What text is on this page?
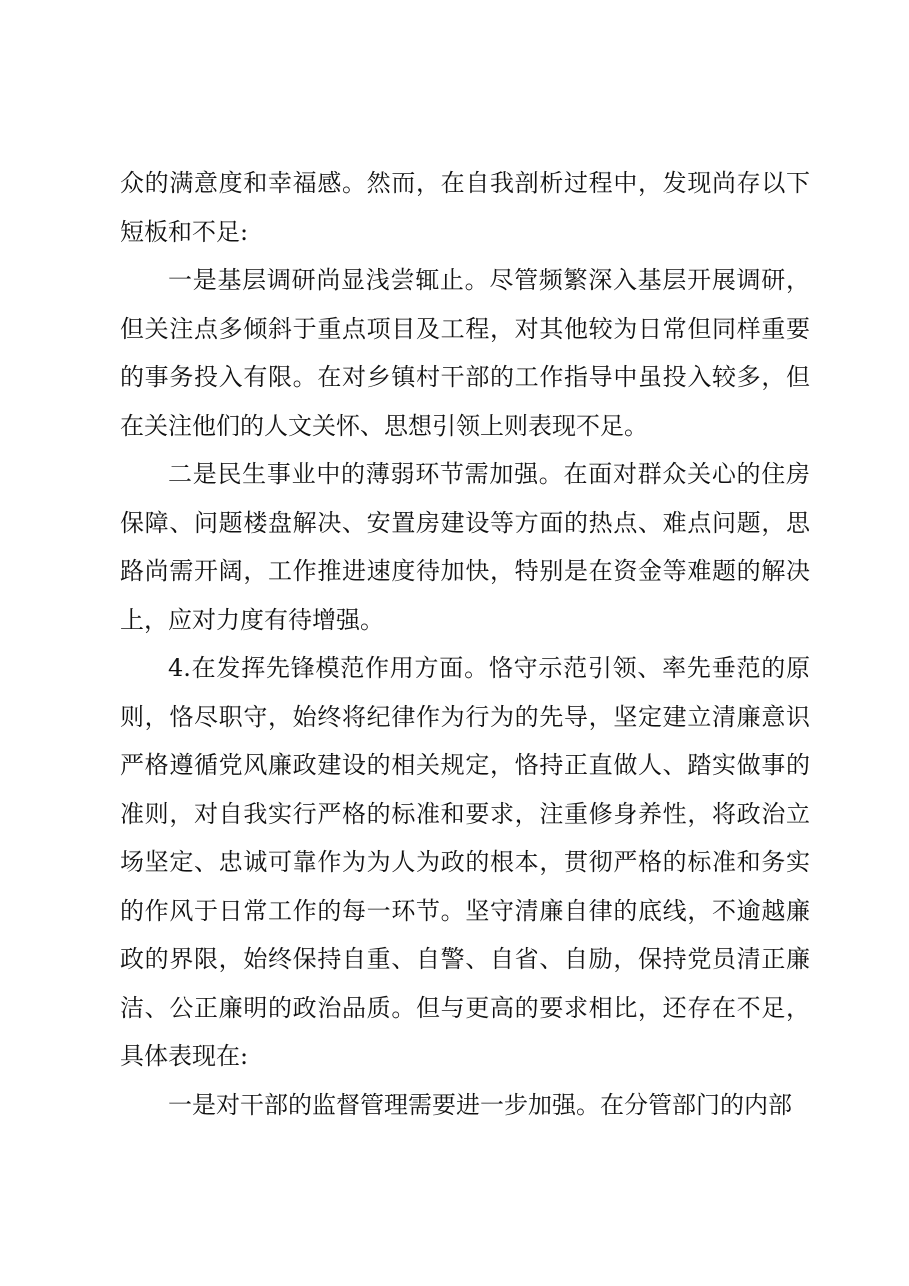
众的满意度和幸福感。然而，在自我剖析过程中，发现尚存以下短板和不足:

一是基层调研尚显浅尝辄止。尽管频繁深入基层开展调研，但关注点多倾斜于重点项目及工程，对其他较为日常但同样重要的事务投入有限。在对乡镇村干部的工作指导中虽投入较多，但在关注他们的人文关怀、思想引领上则表现不足。

二是民生事业中的薄弱环节需加强。在面对群众关心的住房保障、问题楼盘解决、安置房建设等方面的热点、难点问题，思路尚需开阔，工作推进速度待加快，特别是在资金等难题的解决上，应对力度有待增强。

4.在发挥先锋模范作用方面。恪守示范引领、率先垂范的原则，恪尽职守，始终将纪律作为行为的先导，坚定建立清廉意识严格遵循党风廉政建设的相关规定，恪持正直做人、踏实做事的准则，对自我实行严格的标准和要求，注重修身养性，将政治立场坚定、忠诚可靠作为为人为政的根本，贯彻严格的标准和务实的作风于日常工作的每一环节。坚守清廉自律的底线，不逾越廉政的界限，始终保持自重、自警、自省、自励，保持党员清正廉洁、公正廉明的政治品质。但与更高的要求相比，还存在不足，具体表现在:

一是对干部的监督管理需要进一步加强。在分管部门的内部
